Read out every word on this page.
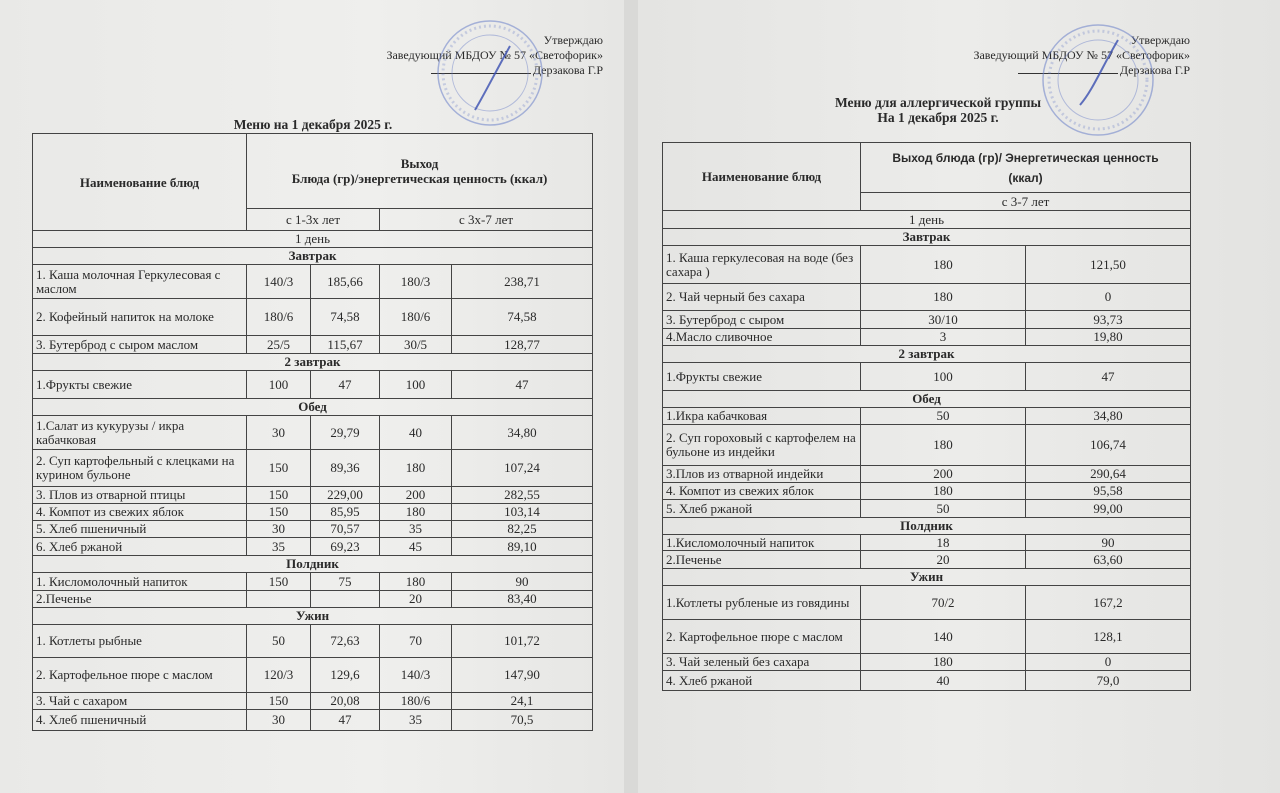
Утверждаю
Заведующий МБДОУ № 57 «Светофорик»
Дерзакова Г.Р
Меню на 1 декабря 2025 г.
Наименование блюд	Выход
Блюда (гр)/энергетическая ценность (ккал)			

	с 1-3х лет		с 3х-7 лет	
1 день				
Завтрак				
1. Каша молочная Геркулесовая с маслом	140/3	185,66	180/3	238,71
2. Кофейный напиток на молоке	180/6	74,58	180/6	74,58
3. Бутерброд с сыром маслом	25/5	115,67	30/5	128,77
2 завтрак				
1.Фрукты свежие	100	47	100	47
Обед				
1.Салат из кукурузы / икра кабачковая	30	29,79	40	34,80
2. Суп картофельный с клецками на курином бульоне	150	89,36	180	107,24
3. Плов из отварной птицы	150	229,00	200	282,55
4. Компот из свежих яблок	150	85,95	180	103,14
5. Хлеб пшеничный	30	70,57	35	82,25
6. Хлеб ржаной	35	69,23	45	89,10
Полдник				
1. Кисломолочный напиток	150	75	180	90
2.Печенье			20	83,40
Ужин				
1. Котлеты рыбные	50	72,63	70	101,72
2. Картофельное пюре с маслом	120/3	129,6	140/3	147,90
3. Чай с сахаром	150	20,08	180/6	24,1
4. Хлеб пшеничный	30	47	35	70,5
Утверждаю
Заведующий МБДОУ № 57 «Светофорик»
Дерзакова Г.Р
Меню для аллергической группы
На 1 декабря 2025 г.
Наименование блюд	Выход блюда (гр)/ Энергетическая ценность
(ккал)	

	с 3-7 лет	
1 день		
Завтрак		
1. Каша геркулесовая на воде (без сахара )	180	121,50
2. Чай черный без сахара	180	0
3. Бутерброд с сыром	30/10	93,73
4.Масло сливочное	3	19,80
2 завтрак		
1.Фрукты свежие	100	47
Обед		
1.Икра кабачковая	50	34,80
2. Суп гороховый с картофелем на бульоне из индейки	180	106,74
3.Плов из отварной индейки	200	290,64
4. Компот из свежих яблок	180	95,58
5. Хлеб ржаной	50	99,00
Полдник		
1.Кисломолочный напиток	18	90
2.Печенье	20	63,60
Ужин		
1.Котлеты рубленые из говядины	70/2	167,2
2. Картофельное пюре с маслом	140	128,1
3. Чай зеленый без сахара	180	0
4. Хлеб ржаной	40	79,0
